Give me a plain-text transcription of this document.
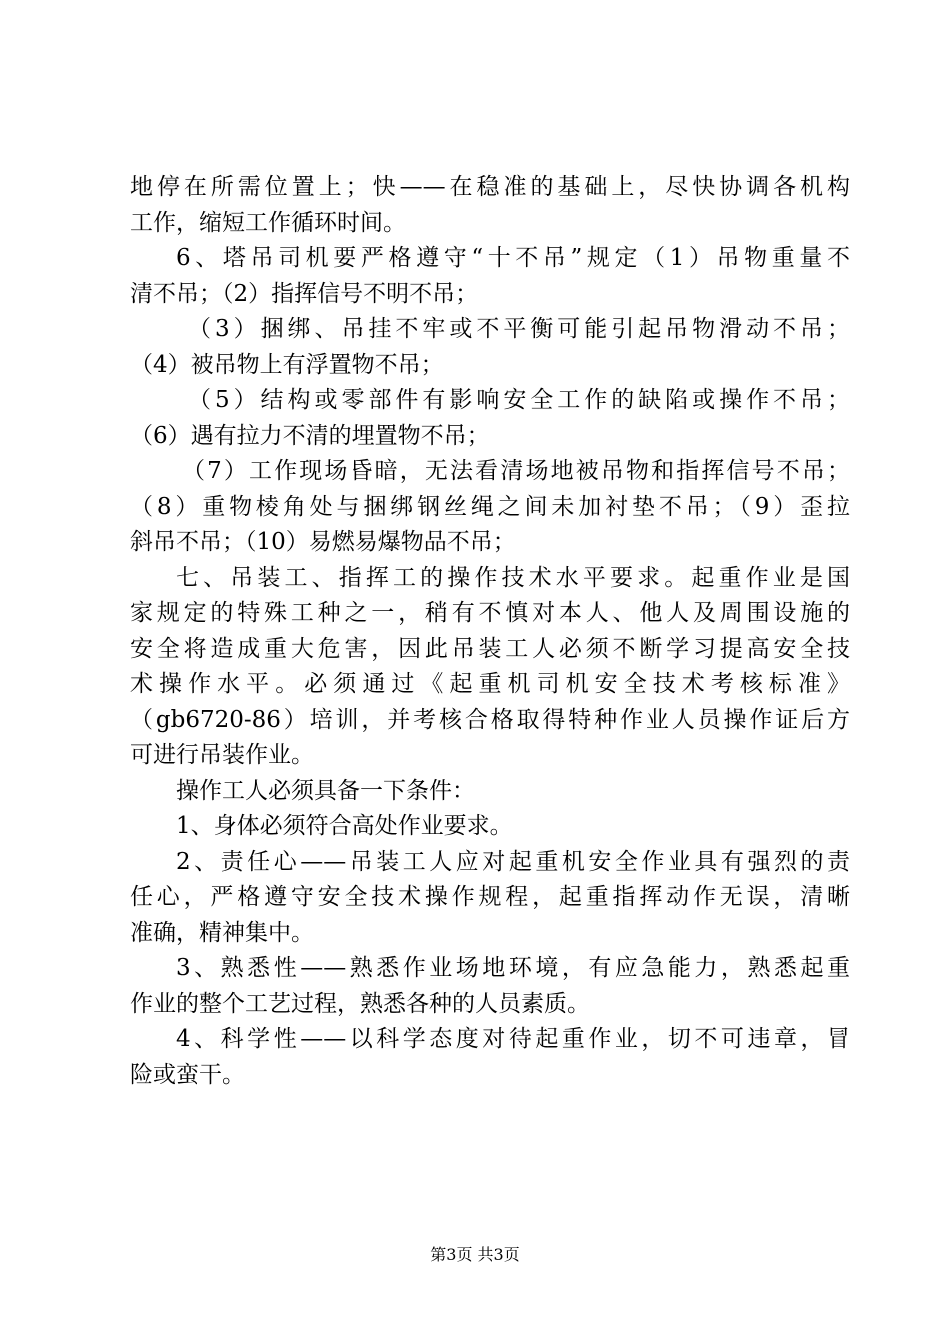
地停在所需位置上；快——在稳准的基础上，尽快协调各机构
工作，缩短工作循环时间。
6、塔吊司机要严格遵守“十不吊”规定（1）吊物重量不
清不吊；（2）指挥信号不明不吊；
（3）捆绑、吊挂不牢或不平衡可能引起吊物滑动不吊；
（4）被吊物上有浮置物不吊；
（5）结构或零部件有影响安全工作的缺陷或操作不吊；
（6）遇有拉力不清的埋置物不吊；
（7）工作现场昏暗，无法看清场地被吊物和指挥信号不吊；
（8）重物棱角处与捆绑钢丝绳之间未加衬垫不吊；（9）歪拉
斜吊不吊；（10）易燃易爆物品不吊；
七、吊装工、指挥工的操作技术水平要求。起重作业是国
家规定的特殊工种之一，稍有不慎对本人、他人及周围设施的
安全将造成重大危害，因此吊装工人必须不断学习提高安全技
术操作水平。必须通过《起重机司机安全技术考核标准》
（gb6720-86）培训，并考核合格取得特种作业人员操作证后方
可进行吊装作业。
操作工人必须具备一下条件：
1、身体必须符合高处作业要求。
2、责任心——吊装工人应对起重机安全作业具有强烈的责
任心，严格遵守安全技术操作规程，起重指挥动作无误，清晰
准确，精神集中。
3、熟悉性——熟悉作业场地环境，有应急能力，熟悉起重
作业的整个工艺过程，熟悉各种的人员素质。
4、科学性——以科学态度对待起重作业，切不可违章，冒
险或蛮干。
第3页 共3页
